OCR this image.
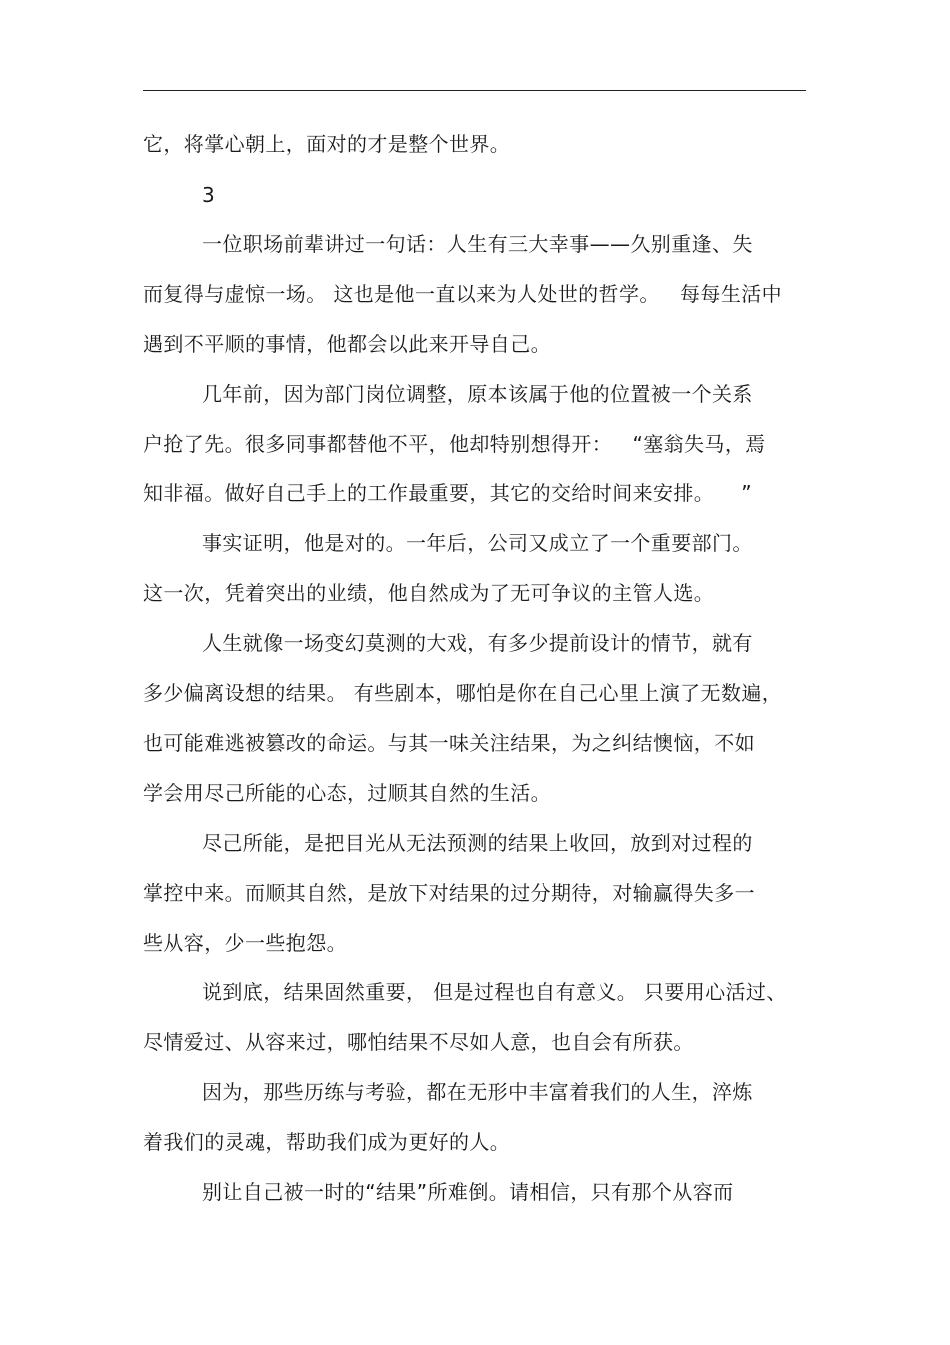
它，将掌心朝上，面对的才是整个世界。
3
一位职场前辈讲过一句话：人生有三大幸事——久别重逢、失
而复得与虚惊一场。 这也是他一直以来为人处世的哲学。   每每生活中
遇到不平顺的事情，他都会以此来开导自己。
几年前，因为部门岗位调整，原本该属于他的位置被一个关系
户抢了先。很多同事都替他不平，他却特别想得开：   “塞翁失马，焉
知非福。做好自己手上的工作最重要，其它的交给时间来安排。    ”
事实证明，他是对的。一年后，公司又成立了一个重要部门。
这一次，凭着突出的业绩，他自然成为了无可争议的主管人选。
人生就像一场变幻莫测的大戏，有多少提前设计的情节，就有
多少偏离设想的结果。 有些剧本，哪怕是你在自己心里上演了无数遍，
也可能难逃被篡改的命运。与其一味关注结果，为之纠结懊恼，不如
学会用尽己所能的心态，过顺其自然的生活。
尽己所能，是把目光从无法预测的结果上收回，放到对过程的
掌控中来。而顺其自然，是放下对结果的过分期待，对输赢得失多一
些从容，少一些抱怨。
说到底，结果固然重要， 但是过程也自有意义。 只要用心活过、
尽情爱过、从容来过，哪怕结果不尽如人意，也自会有所获。
因为，那些历练与考验，都在无形中丰富着我们的人生，淬炼
着我们的灵魂，帮助我们成为更好的人。
别让自己被一时的“结果”所难倒。请相信，只有那个从容而
